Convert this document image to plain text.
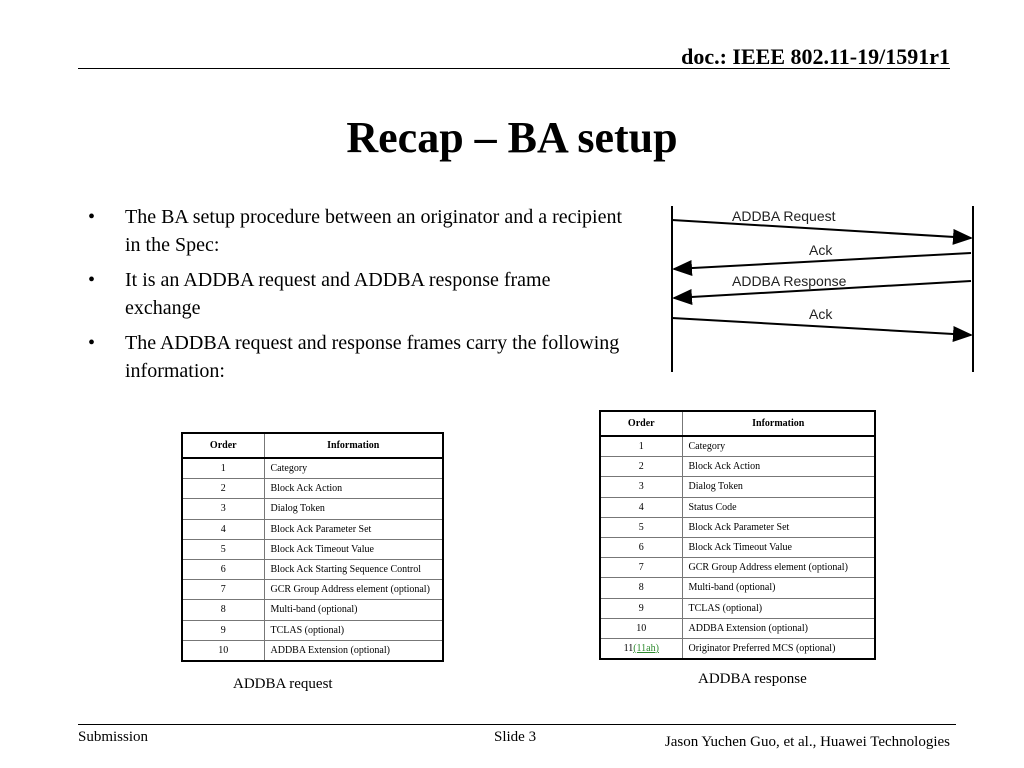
doc.: IEEE 802.11-19/1591r1
Recap – BA setup
• The BA setup procedure between an originator and a recipient in the Spec:
• It is an ADDBA request and ADDBA response frame exchange
• The ADDBA request and response frames carry the following information:
ADDBA Request
Ack
ADDBA Response
Ack
Order	Information
1	Category
2	Block Ack Action
3	Dialog Token
4	Block Ack Parameter Set
5	Block Ack Timeout Value
6	Block Ack Starting Sequence Control
7	GCR Group Address element (optional)
8	Multi-band (optional)
9	TCLAS (optional)
10	ADDBA Extension (optional)
ADDBA request
Order	Information
1	Category
2	Block Ack Action
3	Dialog Token
4	Status Code
5	Block Ack Parameter Set
6	Block Ack Timeout Value
7	GCR Group Address element (optional)
8	Multi-band (optional)
9	TCLAS (optional)
10	ADDBA Extension (optional)
11(11ah)	Originator Preferred MCS (optional)
ADDBA response
Submission	Slide 3	Jason Yuchen Guo, et al., Huawei Technologies
